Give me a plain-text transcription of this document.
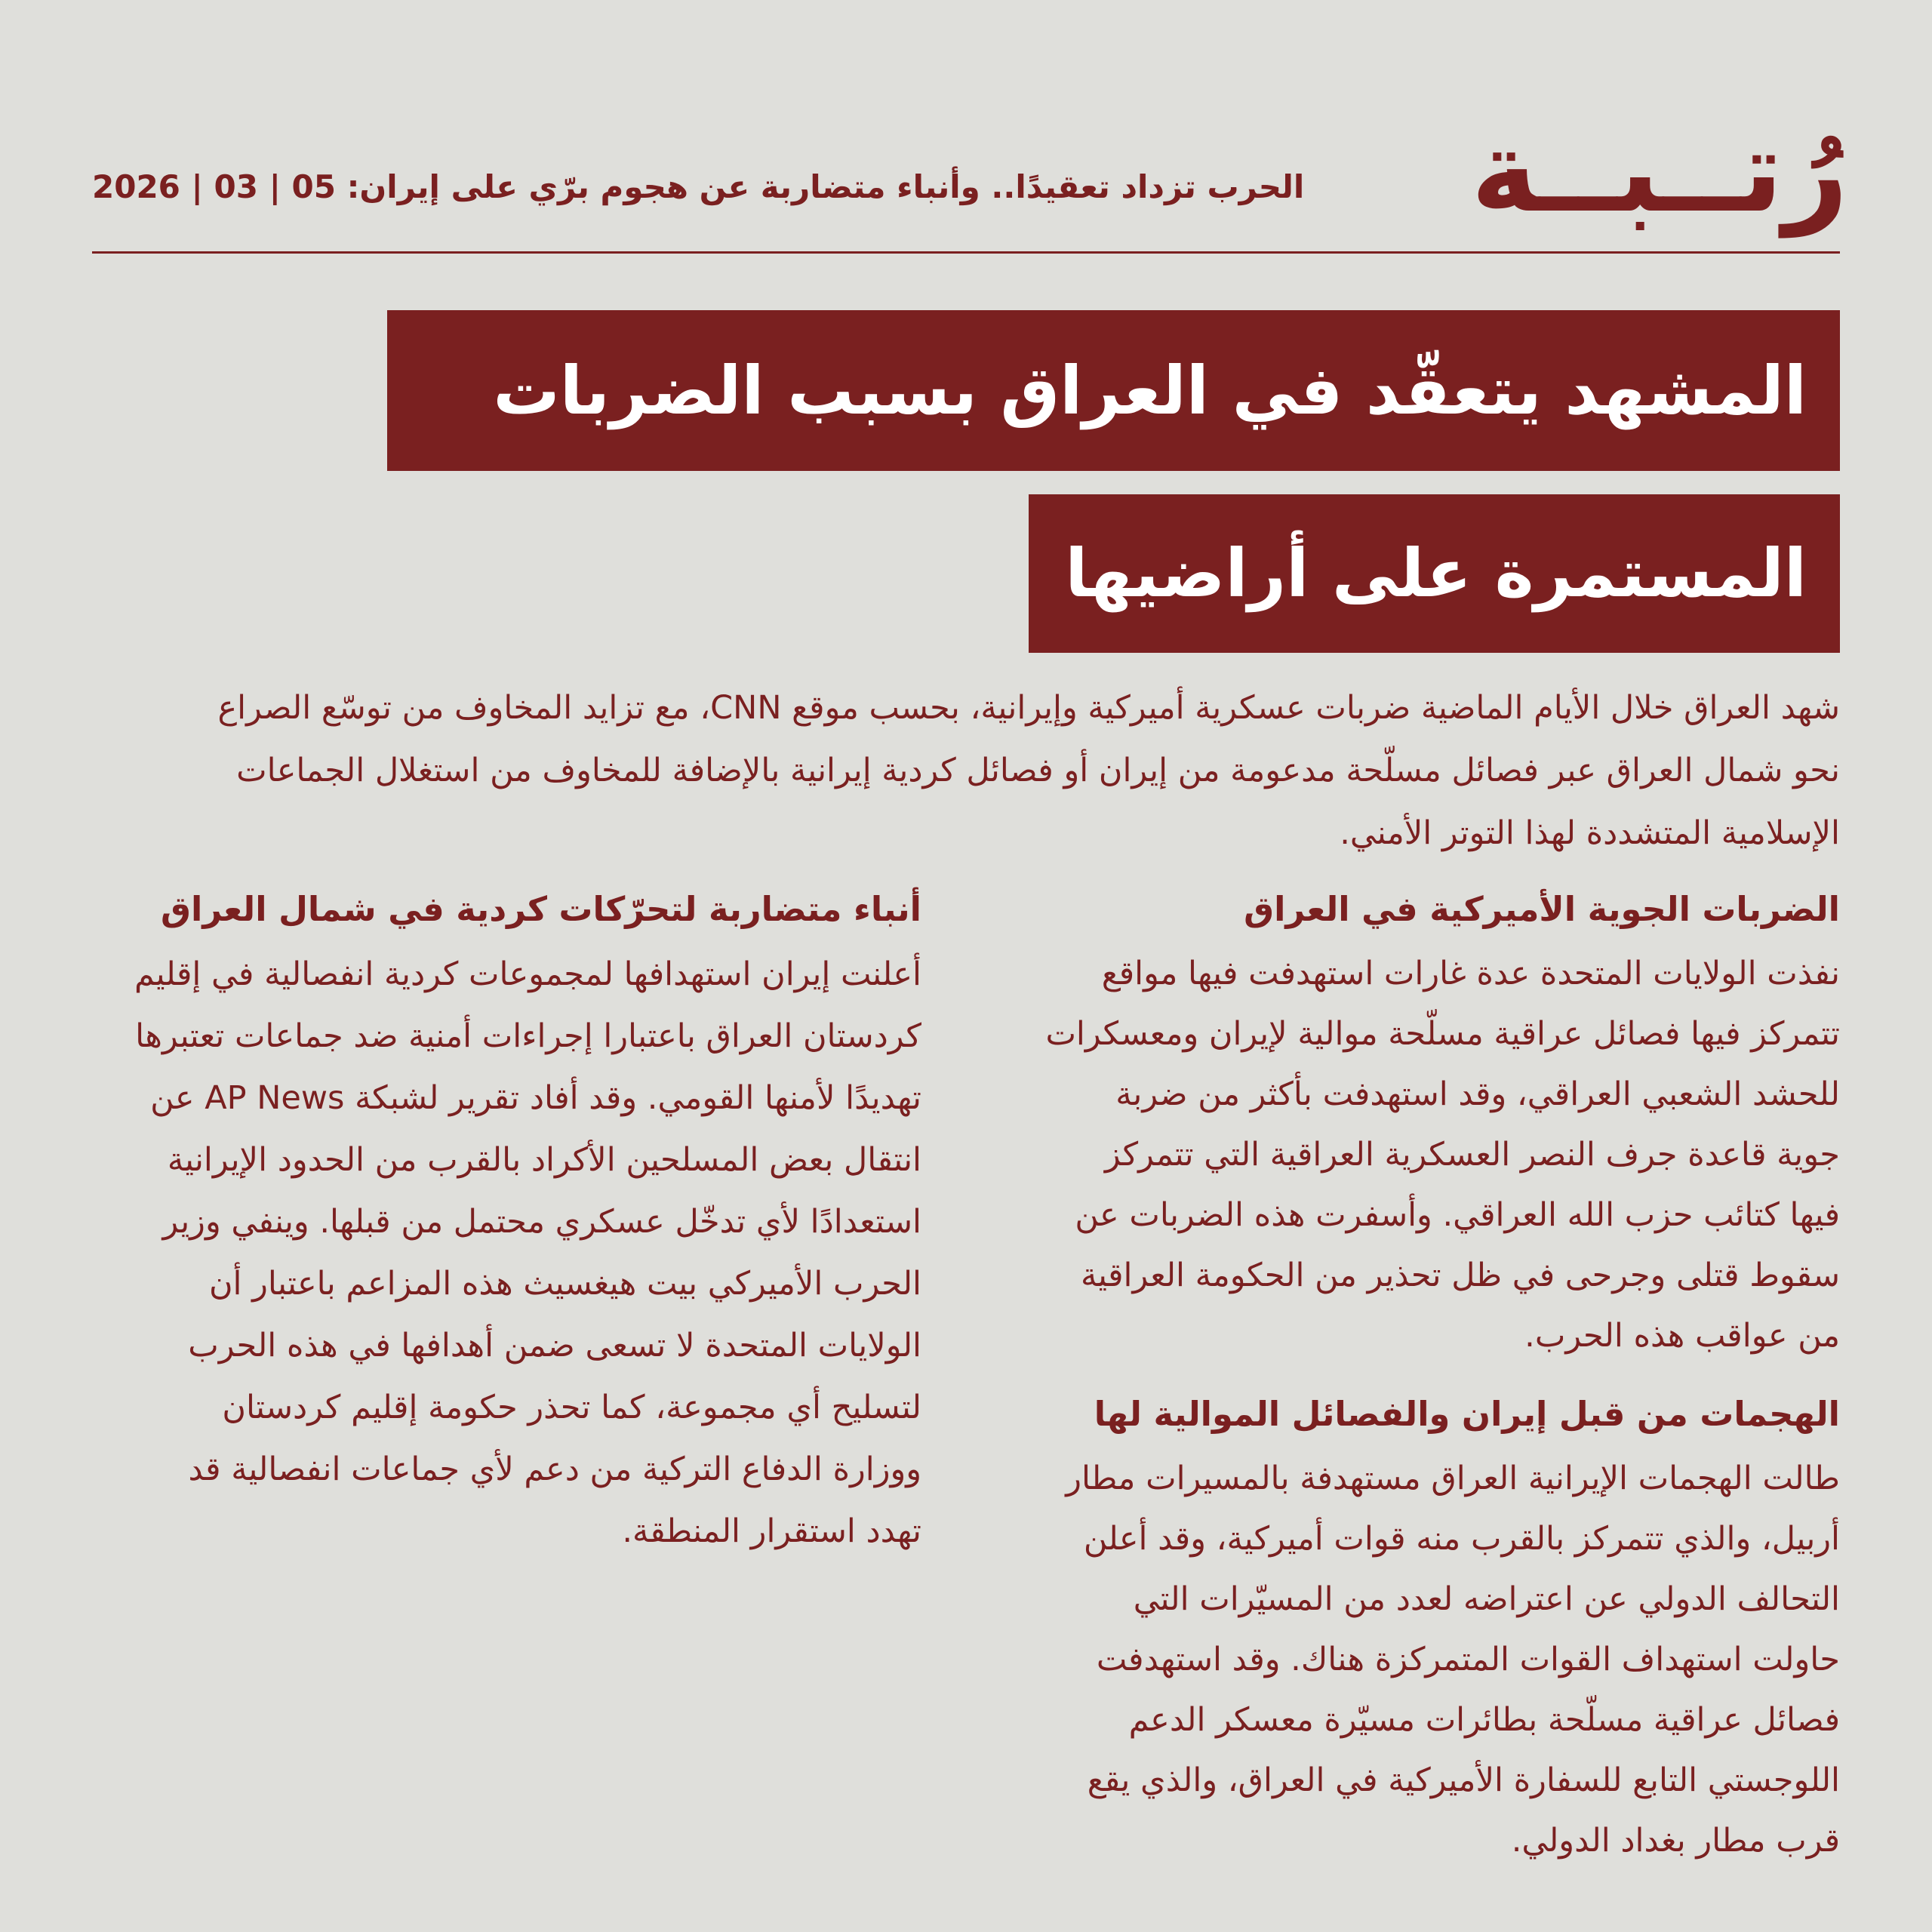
رُتــبــة
الحرب تزداد تعقيدًا.. وأنباء متضاربة عن هجوم برّي على إيران: 05 | 03 | 2026
المشهد يتعقّد في العراق بسبب الضربات
المستمرة على أراضيها
شهد العراق خلال الأيام الماضية ضربات عسكرية أميركية وإيرانية، بحسب موقع CNN، مع تزايد المخاوف من توسّع الصراع
نحو شمال العراق عبر فصائل مسلّحة مدعومة من إيران أو فصائل كردية إيرانية بالإضافة للمخاوف من استغلال الجماعات
الإسلامية المتشددة لهذا التوتر الأمني.
الضربات الجوية الأميركية في العراق
نفذت الولايات المتحدة عدة غارات استهدفت فيها مواقع
تتمركز فيها فصائل عراقية مسلّحة موالية لإيران ومعسكرات
للحشد الشعبي العراقي، وقد استهدفت بأكثر من ضربة
جوية قاعدة جرف النصر العسكرية العراقية التي تتمركز
فيها كتائب حزب الله العراقي. وأسفرت هذه الضربات عن
سقوط قتلى وجرحى في ظل تحذير من الحكومة العراقية
من عواقب هذه الحرب.
الهجمات من قبل إيران والفصائل الموالية لها
طالت الهجمات الإيرانية العراق مستهدفة بالمسيرات مطار
أربيل، والذي تتمركز بالقرب منه قوات أميركية، وقد أعلن
التحالف الدولي عن اعتراضه لعدد من المسيّرات التي
حاولت استهداف القوات المتمركزة هناك. وقد استهدفت
فصائل عراقية مسلّحة بطائرات مسيّرة معسكر الدعم
اللوجستي التابع للسفارة الأميركية في العراق، والذي يقع
قرب مطار بغداد الدولي.
أنباء متضاربة لتحرّكات كردية في شمال العراق
أعلنت إيران استهدافها لمجموعات كردية انفصالية في إقليم
كردستان العراق باعتبارا إجراءات أمنية ضد جماعات تعتبرها
تهديدًا لأمنها القومي. وقد أفاد تقرير لشبكة AP News عن
انتقال بعض المسلحين الأكراد بالقرب من الحدود الإيرانية
استعدادًا لأي تدخّل عسكري محتمل من قبلها. وينفي وزير
الحرب الأميركي بيت هيغسيث هذه المزاعم باعتبار أن
الولايات المتحدة لا تسعى ضمن أهدافها في هذه الحرب
لتسليح أي مجموعة، كما تحذر حكومة إقليم كردستان
ووزارة الدفاع التركية من دعم لأي جماعات انفصالية قد
تهدد استقرار المنطقة.
